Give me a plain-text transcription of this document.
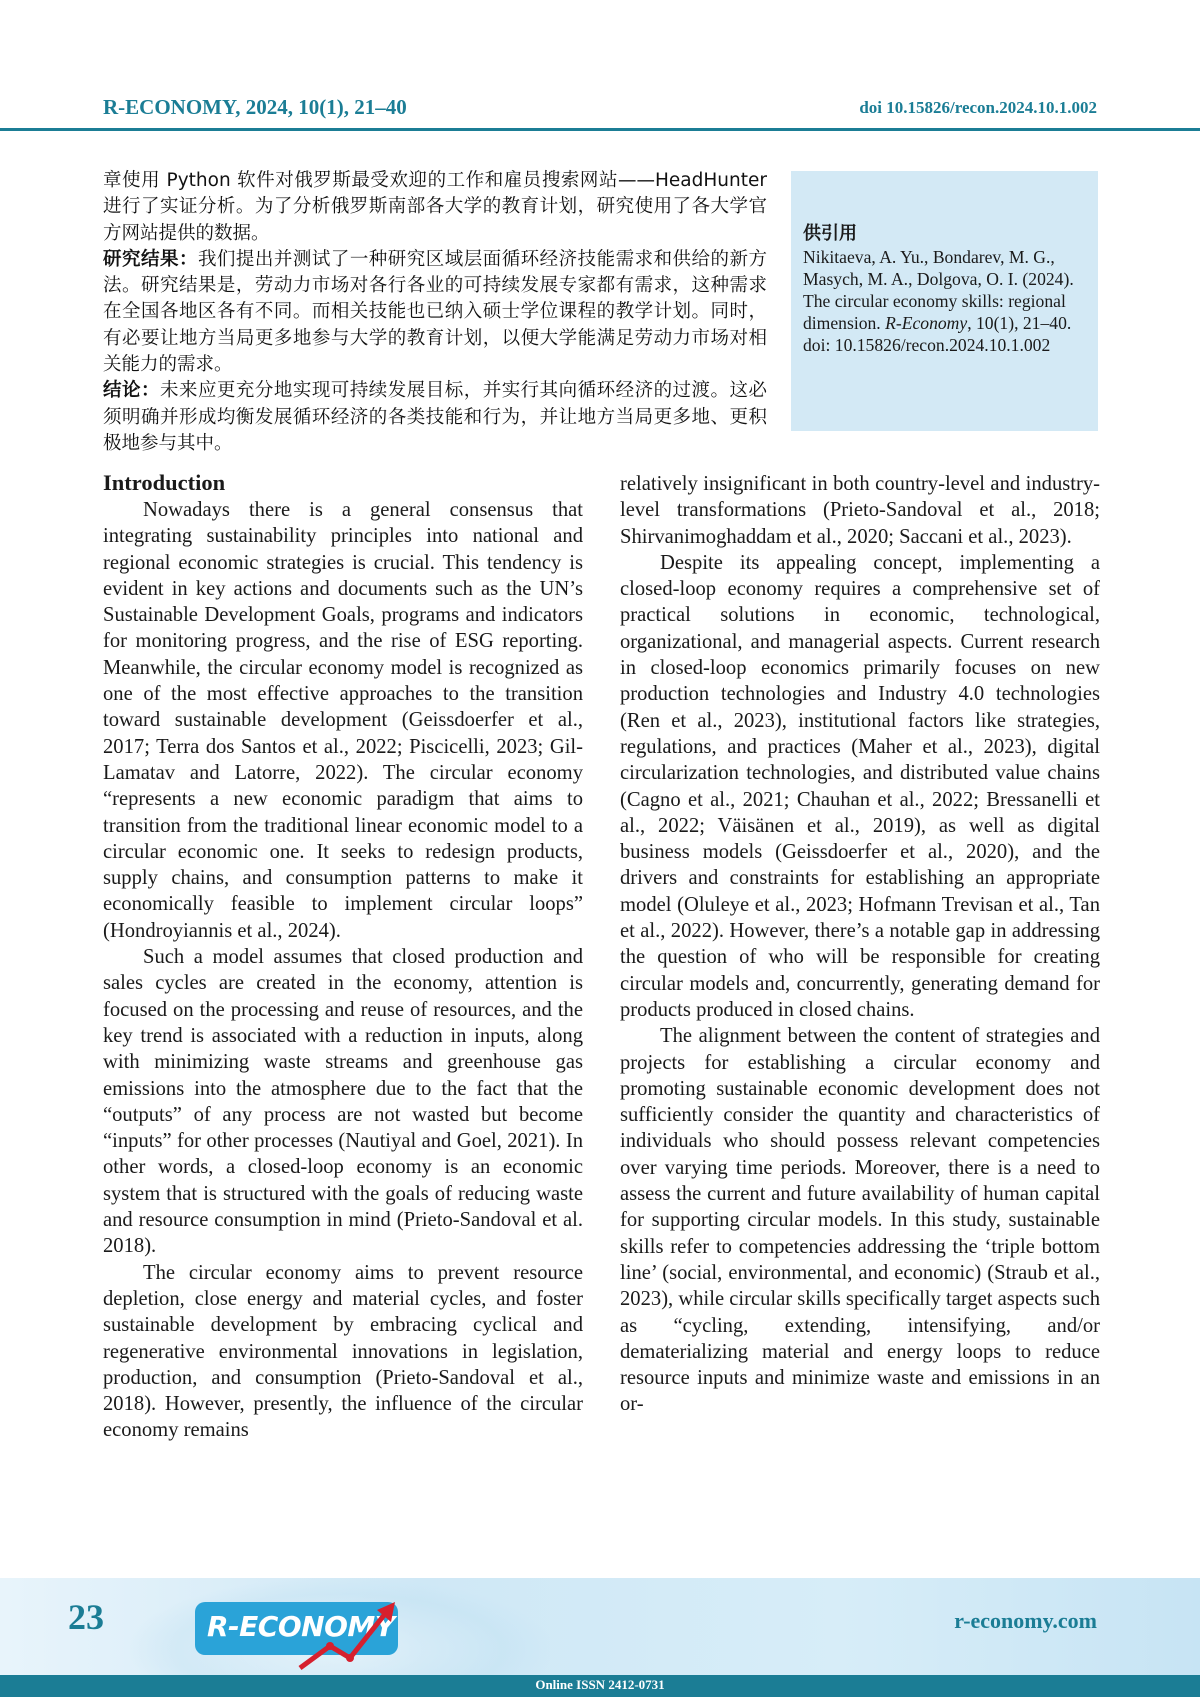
R-ECONOMY, 2024, 10(1), 21–40	doi 10.15826/recon.2024.10.1.002

章使用 Python 软件对俄罗斯最受欢迎的工作和雇员搜索网站——HeadHunter 进行了实证分析。为了分析俄罗斯南部各大学的教育计划，研究使用了各大学官方网站提供的数据。

研究结果：我们提出并测试了一种研究区域层面循环经济技能需求和供给的新方法。研究结果是，劳动力市场对各行各业的可持续发展专家都有需求，这种需求在全国各地区各有不同。而相关技能也已纳入硕士学位课程的教学计划。同时，有必要让地方当局更多地参与大学的教育计划，以便大学能满足劳动力市场对相关能力的需求。

结论：未来应更充分地实现可持续发展目标，并实行其向循环经济的过渡。这必须明确并形成均衡发展循环经济的各类技能和行为，并让地方当局更多地、更积极地参与其中。

供引用
Nikitaeva, A. Yu., Bondarev, M. G., Masych, M. A., Dolgova, O. I. (2024). The circular economy skills: regional dimension. R-Economy, 10(1), 21–40. doi: 10.15826/recon.2024.10.1.002
Introduction

Nowadays there is a general consensus that integrating sustainability principles into national and regional economic strategies is crucial. This tendency is evident in key actions and documents such as the UN’s Sustainable Development Goals, programs and indicators for monitoring progress, and the rise of ESG reporting. Meanwhile, the circular economy model is recognized as one of the most effective approaches to the transition toward sustainable development (Geissdoerfer et al., 2017; Terra dos Santos et al., 2022; Piscicelli, 2023; Gil-Lamatav and Latorre, 2022). The circular economy “represents a new economic paradigm that aims to transition from the traditional linear economic model to a circular economic one. It seeks to redesign products, supply chains, and consumption patterns to make it economically feasible to implement circular loops” (Hondroyiannis et al., 2024).

Such a model assumes that closed production and sales cycles are created in the economy, attention is focused on the processing and reuse of resources, and the key trend is associated with a reduction in inputs, along with minimizing waste streams and greenhouse gas emissions into the atmosphere due to the fact that the “outputs” of any process are not wasted but become “inputs” for other processes (Nautiyal and Goel, 2021). In other words, a closed-loop economy is an economic system that is structured with the goals of reducing waste and resource consumption in mind (Prieto-Sandoval et al. 2018).

The circular economy aims to prevent resource depletion, close energy and material cycles, and foster sustainable development by embracing cyclical and regenerative environmental innovations in legislation, production, and consumption (Prieto-Sandoval et al., 2018). However, presently, the influence of the circular economy remains

relatively insignificant in both country-level and industry-level transformations (Prieto-Sandoval et al., 2018; Shirvanimoghaddam et al., 2020; Saccani et al., 2023).

Despite its appealing concept, implementing a closed-loop economy requires a comprehensive set of practical solutions in economic, technological, organizational, and managerial aspects. Current research in closed-loop economics primarily focuses on new production technologies and Industry 4.0 technologies (Ren et al., 2023), institutional factors like strategies, regulations, and practices (Maher et al., 2023), digital circularization technologies, and distributed value chains (Cagno et al., 2021; Chauhan et al., 2022; Bressanelli et al., 2022; Väisänen et al., 2019), as well as digital business models (Geissdoerfer et al., 2020), and the drivers and constraints for establishing an appropriate model (Oluleye et al., 2023; Hofmann Trevisan et al., Tan et al., 2022). However, there’s a notable gap in addressing the question of who will be responsible for creating circular models and, concurrently, generating demand for products produced in closed chains.

The alignment between the content of strategies and projects for establishing a circular economy and promoting sustainable economic development does not sufficiently consider the quantity and characteristics of individuals who should possess relevant competencies over varying time periods. Moreover, there is a need to assess the current and future availability of human capital for supporting circular models. In this study, sustainable skills refer to competencies addressing the ‘triple bottom line’ (social, environmental, and economic) (Straub et al., 2023), while circular skills specifically target aspects such as “cycling, extending, intensifying, and/or dematerializing material and energy loops to reduce resource inputs and minimize waste and emissions in an or-

23	R-ECONOMY	r-economy.com
Online ISSN 2412-0731
